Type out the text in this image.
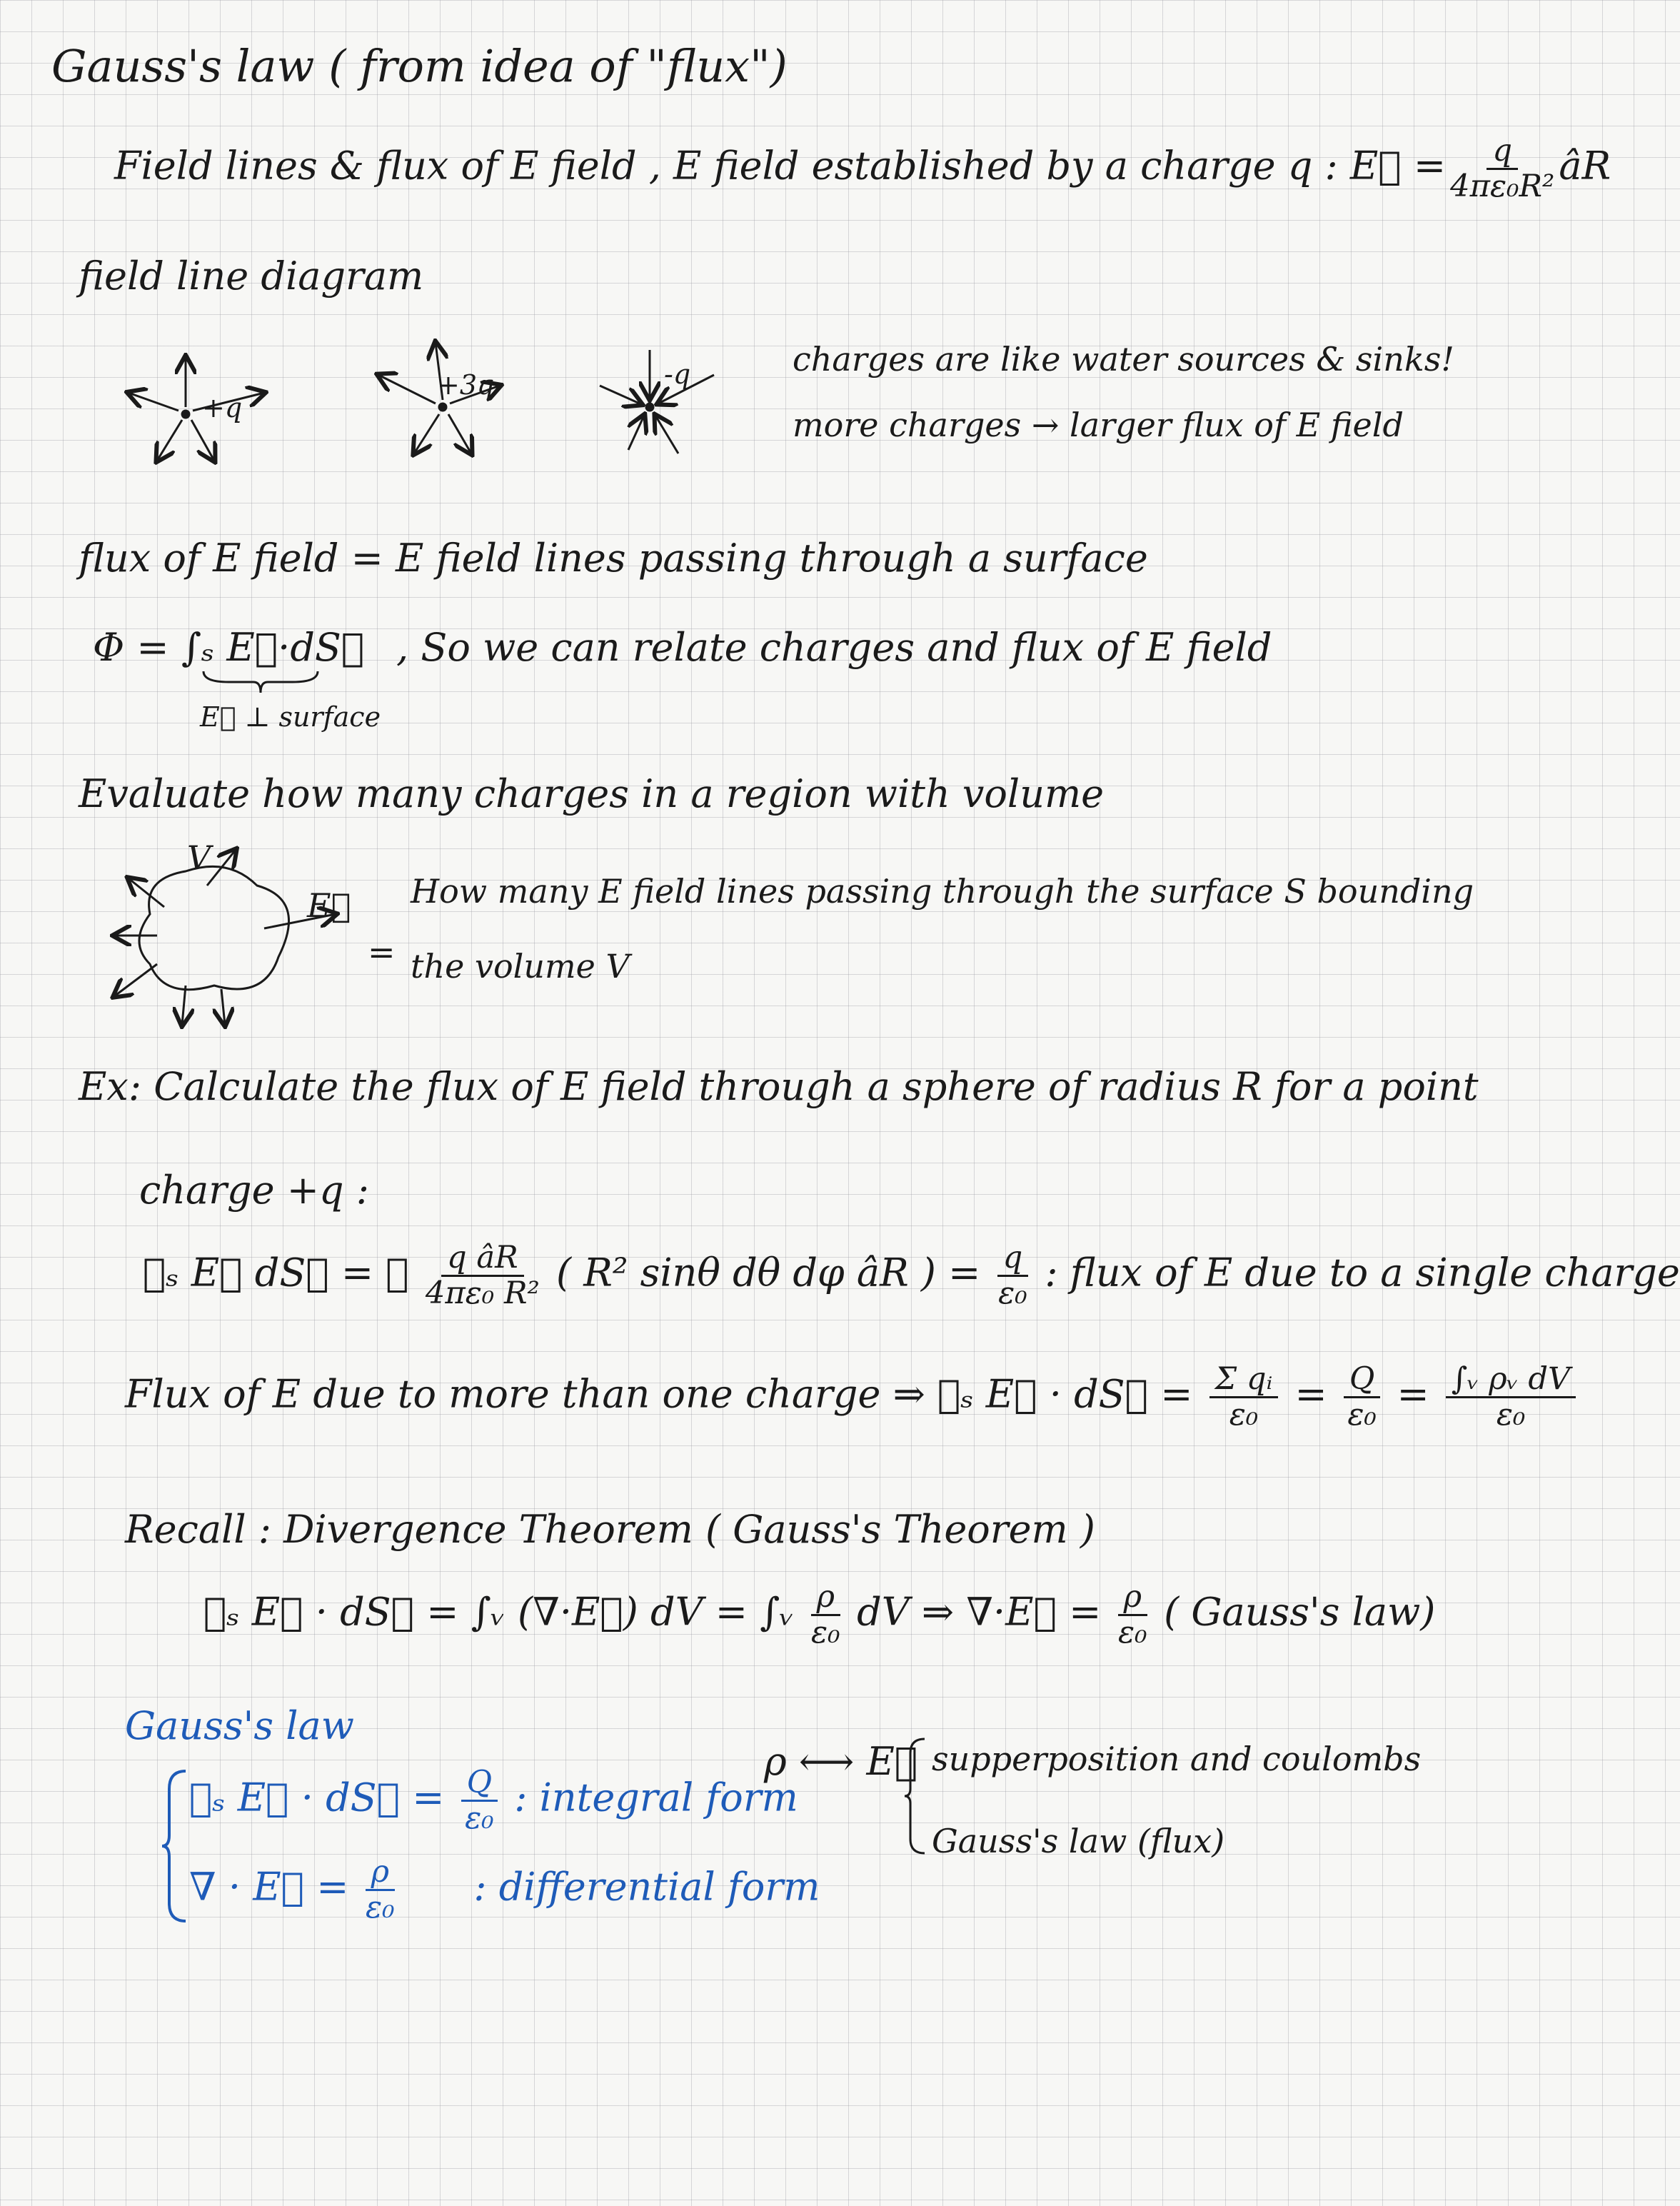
Gauss's law ( from idea of "flux")
Field lines & flux of E field , E field established by a charge q : E⃗ = $\frac{q}{\text{4πε₀R²}}$ âR
field line diagram
+q
+3q	-q	charges are like water sources & sinks!
more charges → larger flux of E field
flux of E field = E field lines passing through a surface
Φ = ∫ₛ E⃗·dS⃗
E⃗ ⊥ surface
, So we can relate charges and flux of E field
Evaluate how many charges in a region with volume
V
E⃗
=
How many E field lines passing through the surface S bounding
the volume V
Ex: Calculate the flux of E field through a sphere of radius R for a point
charge +q :
∮ₛ E⃗ dS⃗ = ∮ $\frac{\text{q âR}}{\text{4πε₀ R²}}$ ( R² sinθ dθ dφ âR ) = $\frac{q}{\text{ε₀}}$ : flux of E due to a single charge
Flux of E due to more than one charge ⇒ ∮ₛ E⃗ · dS⃗ = $\frac{\text{Σ qᵢ}}{\text{ε₀}} = \frac{Q}{\text{ε₀}} = \frac{\text{∫ᵥ ρᵥ dV}}{\text{ε₀}}$
Recall : Divergence Theorem ( Gauss's Theorem )
∮ₛ E⃗ · dS⃗ = ∫ᵥ (∇·E⃗) dV = ∫ᵥ $\frac{\rho}{\text{ε₀}}$ dV ⇒ ∇·E⃗ = $\frac{\rho}{\text{ε₀}}$ ( Gauss's law)
Gauss's law
∮ₛ E⃗ · dS⃗ = $\frac{Q}{\text{ε₀}}$ : integral form
∇ · E⃗ = $\frac{\rho}{\text{ε₀}}$ : differential form
ρ ⟷ E⃗ supperposition and coulombs
Gauss's law (flux)
